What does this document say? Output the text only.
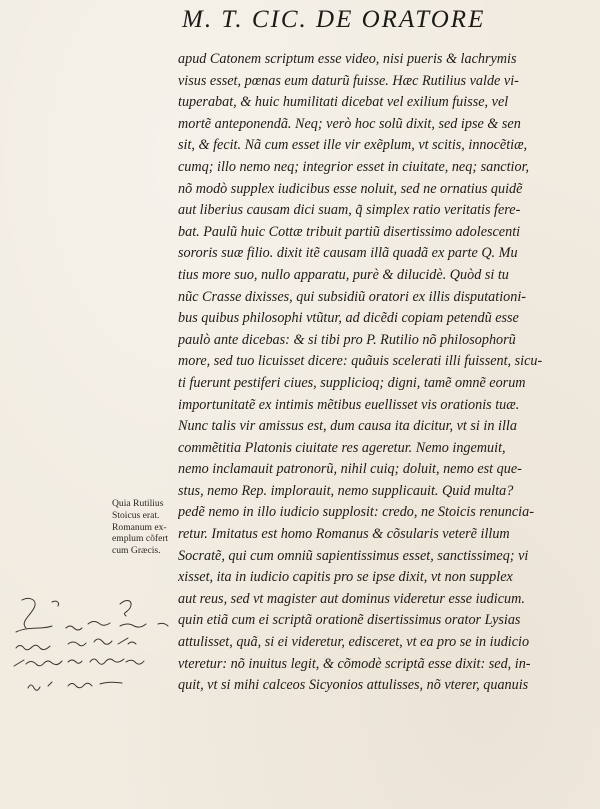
M. T. CIC. DE ORATORE
apud Catonem scriptum esse video, nisi pueris & lachrymis
visus esset, pœnas eum daturũ fuisse. Hæc Rutilius valde vi-
tuperabat, & huic humilitati dicebat vel exilium fuisse, vel
mortẽ anteponendã. Neq; verò hoc solũ dixit, sed ipse & sen
sit, & fecit. Nã cum esset ille vir exẽplum, vt scitis, innocẽtiæ,
cumq; illo nemo neq; integrior esset in ciuitate, neq; sanctior,
nõ modò supplex iudicibus esse noluit, sed ne ornatius quidẽ
aut liberius causam dici suam, q̃ simplex ratio veritatis fere-
bat. Paulũ huic Cottæ tribuit partiũ disertissimo adolescenti
sororis suæ filio. dixit itẽ causam illã quadã ex parte Q. Mu
tius more suo, nullo apparatu, purè & dilucidè. Quòd si tu
nũc Crasse dixisses, qui subsidiũ oratori ex illis disputationi-
bus quibus philosophi vtũtur, ad dicẽdi copiam petendũ esse
paulò ante dicebas: & si tibi pro P. Rutilio nõ philosophorũ
more, sed tuo licuisset dicere: quãuis scelerati illi fuissent, sicu-
ti fuerunt pestiferi ciues, supplicioq; digni, tamẽ omnẽ eorum
importunitatẽ ex intimis mẽtibus euellisset vis orationis tuæ.
Nunc talis vir amissus est, dum causa ita dicitur, vt si in illa
commẽtitia Platonis ciuitate res ageretur. Nemo ingemuit,
nemo inclamauit patronorũ, nihil cuiq; doluit, nemo est que-
stus, nemo Rep. implorauit, nemo supplicauit. Quid multa?
pedẽ nemo in illo iudicio supplosit: credo, ne Stoicis renuncia-
retur. Imitatus est homo Romanus & cõsularis veterẽ illum
Socratẽ, qui cum omniũ sapientissimus esset, sanctissimeq; vi
xisset, ita in iudicio capitis pro se ipse dixit, vt non supplex
aut reus, sed vt magister aut dominus videretur esse iudicum.
quin etiã cum ei scriptã orationẽ disertissimus orator Lysias
attulisset, quã, si ei videretur, edisceret, vt ea pro se in iudicio
vteretur: nõ inuitus legit, & cõmodè scriptã esse dixit: sed, in-
quit, vt si mihi calceos Sicyonios attulisses, nõ vterer, quanuis
Quia Rutilius
Stoicus erat.
Romanum ex-
emplum cõfert
cum Græcis.
